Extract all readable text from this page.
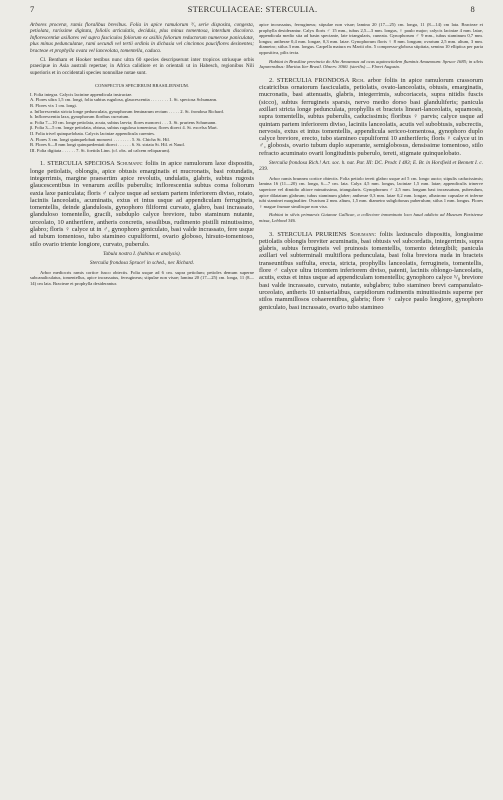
7	STERCULIACEAE: STERCULIA.	8

Arbores proceræ, ramis floralibus brevibus. Folia in apice ramulorum ³/₅ serie disposita, congesta, petiolata, rarissime digitata, foliolis articulatis, deciduis, plus minus tomentosa, interdum discolora. Inflorescentiæ axillares vel supra fasciculos foliorum ex axillis foliorum reductorum numerose paniculatæ, plus minus pedunculatae, rami secundi vel tertii ordinis in dichasia vel cincinnos pauciflores desinentes; bracteae et prophylla ovata vel lanceolata, tomentella, caduca.

Cl. Bentham et Hooker testibus nunc ultra 60 species descripserunt inter tropicos utriusque orbis praecipue in Asia australi repertae; in Africa calidiore et in orientali ut in Habesch, regionibus Nili superioris et in occidentali species nonnullae notae sunt.

CONSPECTUS SPECIERUM BRASILIENSIUM.

I. Folia integra. Calycis lacinine appendicula instructae.
A. Flores ultra 1,5 cm. longi, folia subtus rugulosa, glaucescentia . . . . . . . . 1. St. speciosa Schumann.
B. Flores vix 1 cm. longi.
a. Inflorescentia stricta longe pedunculata, gynophorum feminarum rectum . . . . . 2. St. frondosa Richard.
b. Inflorescentia laxa, gynophorum floribus curvatum.
α. Folia 7—10 cm. longe petiolata, acuta, subtus laevia; flores monoeci . . . 3. St. pruriens Schumann.
β. Folia 3—5 cm. longe petiolata, obtusa, subtus rugulosa tomentosa; flores dioeci 4. St. excelsa Mart.
II. Folia trivel quinquelobata. Calycis laciniae appendicula carentes.
A. Flores 3 cm. longi quinquelobati monoeci . . . . . . . . 5. St. Chicha St. Hil.
B. Flores 6—8 mm longi quinquedentati dioeci . . . . . . 6. St. striata St. Hil. et Naud.
III. Folia digitata . . . . . . 7. St. foetida Linn. (cf. obs. ad calcem reliquarum).

1. STERCULIA SPECIOSA Schumann: foliis in apice ramulorum laxe dispositis, longe petiolatis, oblongis, apice obtusis emarginatis et mucronatis, basi rotundatis, integerrimis, margine praesertim apice revolutis, undulatis, glabris, subtus rugosis glaucescentibus in venarum axillis puberulis; inflorescentia subtus coma foliorum eaxia laxe paniculata; floris ♂ calyce usque ad sextam partem inferiorem diviso, rotato, laciniis lanceolatis, acuminatis, extus et intus usque ad appendiculam ferrugineis, tomentellis, deinde glandulosis, gynophoro filiformi curvato, glabro, basi incrassato, glanduloso tomentello, gracili, subduplo calyce breviore, tubo staminum nutante, urceolato, 10 antherifere, antheris concretis, sessilibus, rudimento pistilli minutissimo, glabro; floris ♀ calyce ut in ♂, gynophoro geniculato, basi valde incrassato, fere usque ad tubum tomentoso, tubo stamineo cupuliformi, ovario globoso, hirsuto-tomentoso, stilo ovario triente longiore, curvato, puberulo.

Tabula nostra I. (habitus et analysis).

Sterculia frondosa Spruce! in sched., nec Richard.

Arbor mediocris ramis cortice fusco obtectis. Folia usque ad 6 cm. supra petiolum; petioles demum superne subcanaliculatus, tomentellus, apice incrassatus, ferrugineus; stipulae non visae; lamina 20 (17—25) cm. longa, 11 (8—14) cm lata. Bracteae et prophylla desiderantur.

apice incrassatus, ferrugineus; stipulae non visae; lamina 20 (17—25) cm. longa, 11 (8—14) cm lata. Bracteae et prophylla desiderantur. Calyx floris ♂ 15 mm., tubus 2,5—3 mm. longus, ♀ paulo major; calycis laciniae 4 mm. latae, appendicula medio sita ad basin spectante, late triangularis, cuneata. Gynophorum ♂ 9 mm., tubus staminum 0,7 mm. longus; antherae 0,4 mm. longae, 0,3 mm. latae. Gynophorum floris ♀ 8 mm. longum; ovarium 2,5 mm. altum, 3 mm. diametro; stilus 3 mm. longus. Carpella matura ex Martii obs. 5 compresso-globosa stipitata, semina 10 elliptica per paria oppositiva, pilis tecta.

Habitat in Brasiliae provincia do Alto Amazonas ad ocas aquinoctialem fluminis Amazonum: Spruce 1685; in silvis Japurensibus: Martius Iter Brasil. Observ. 3060. (sterilis) — Floret Augusto.

2. STERCULIA FRONDOSA Rich. arbor foliis in apice ramulorum crassorum cicatricibus ornatorum fasciculatis, petiolatis, ovato-lanceolatis, obtusis, emarginatis, mucronatis, basi attenuatis, glabris, integerrimis, subcoriaceis, supra nitidis fuscis (sicco), subtus ferrugineis sparsis, nervo medio dorso basi glanduliferis; panicula axillari stricta longe pedunculata, prophyllis et bracteis lineari-lanceolatis, squamosis, supra tomentellis, subtus puberulis, caducissimis; floribus ♀ parvis; calyce usque ad quintam partem inferiorem diviso, laciniis lanceolatis, acutis vel subobtusis, subcrectis, nervosis, extus et intus tomentellis, appendicula sericeo-tomentosa, gynophoro duplo calyce breviore, erecto, tubo stamineo cupuliformi 10 antheriferis; floris ♀ calyce ut in ♂, globosis, ovario tubum duplo superante, semiglobosus, densissime tomentoso, stilo refracto acuminato ovarii longitudinis puberulo, tereti, stigmate quinquelobato.

Sterculia frondosa Rich.! Act. soc. h. nat. Par. III: DC. Prodr. I 483; E. Br. in Horsfield et Bennett I. c. 239.

Arbor ramis brunnea cortice obtectis. Folia petiolo tereti glabro usque ad 5 cm. longo aucto; stipulis caducissimis; lamina 16 (11—20) cm. longa, 6—7 cm. lata. Calyx 4,5 mm. longus, laciniae 1,5 mm. latae; appendiculis trinerve superiore vel dimidio altiore minutissima, triangularis. Gynophorum ♂ 2,5 mm. longum basi incrassatum, puberulum, apice dilatatum glabrum; tubus staminum glaber; antherae 0,3 mm. latae 0,2 mm. longae, albatrono capsulae et inferne tubi staminei marginaliter. Ovarium 2 mm. altum, 1,5 mm. diametro subglobosus puberulum; stilus 1 mm. longus. Flores ♀ mague frumae similisque non visa.

Habitat in silvis primaevis Guianae Gallicae, a collectore innominato loco haud addicto ad Museum Parisiense missa, Leblond 346.

3. STERCULIA PRURIENS Schumann: foliis laxiusculo dispositis, longissime petiolatis oblongis breviter acuminatis, basi obtusis vel subcordatis, integerrimis, supra glabris, subtus ferrugineis vel pruinosis tomentellis, tomento detergibili; panicula axillari vel subterminali multiflora pedunculata, basi folia breviora nuda in bracteis transeuntibus suffulta, erecta, stricta, prophyllis lanceolatis, ferrugineis, tomentellis, flore ♂ calyce ultra tricentem inferiorem diviso, patenti, laciniis oblongo-lanceolatis, acutis, extus et intus usque ad appendiculam tomentellis; gynophoro calyce ⁵/₈ breviore basi valde incrassato, curvato, nutante, subglabro; tubo stamineo brevi campanulato-urceolato, antheris 10 uniserialibus, carpidiorum rudimentis minuttissimis superne per stilos mammillosos cohaerentibus, glabris; flore ♀ calyce paulo longiore, gynophoro geniculato, basi incrassato, ovario tubo stamineo
